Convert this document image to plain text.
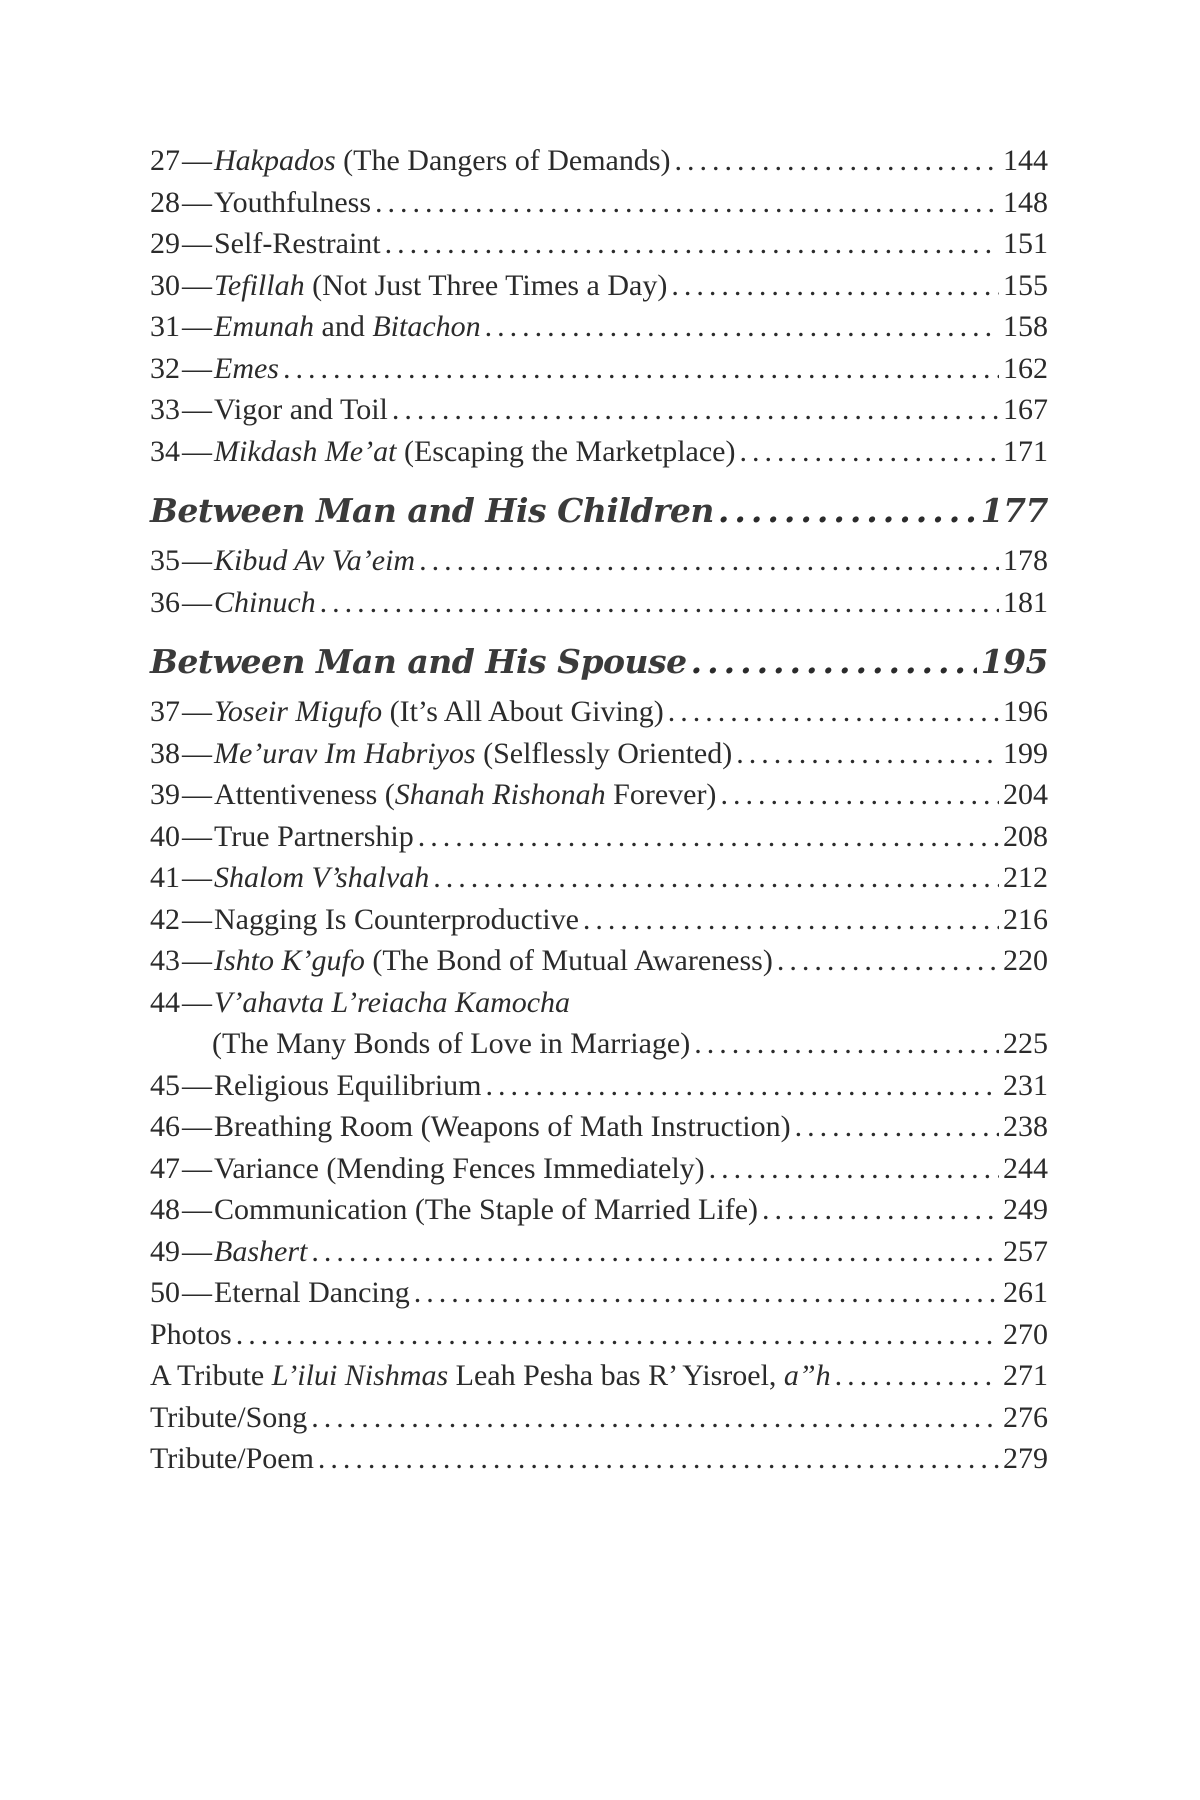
27—Hakpados (The Dangers of Demands) .....	144
28—Youthfulness .....	148
29—Self-Restraint .....	151
30—Tefillah (Not Just Three Times a Day) .....	155
31—Emunah and Bitachon .....	158
32—Emes .....	162
33—Vigor and Toil .....	167
34—Mikdash Me’at (Escaping the Marketplace) .....	171
Between Man and His Children .....	177
35—Kibud Av Va’eim .....	178
36—Chinuch .....	181
Between Man and His Spouse .....	195
37—Yoseir Migufo (It’s All About Giving) .....	196
38—Me’urav Im Habriyos (Selflessly Oriented) .....	199
39—Attentiveness (Shanah Rishonah Forever) .....	204
40—True Partnership .....	208
41—Shalom V’shalvah .....	212
42—Nagging Is Counterproductive .....	216
43—Ishto K’gufo (The Bond of Mutual Awareness) .....	220
44—V’ahavta L’reiacha Kamocha
(The Many Bonds of Love in Marriage) .....	225
45—Religious Equilibrium .....	231
46—Breathing Room (Weapons of Math Instruction) .....	238
47—Variance (Mending Fences Immediately) .....	244
48—Communication (The Staple of Married Life) .....	249
49—Bashert .....	257
50—Eternal Dancing .....	261
Photos .....	270
A Tribute L’ilui Nishmas Leah Pesha bas R’ Yisroel, a”h .....	271
Tribute/Song .....	276
Tribute/Poem .....	279
